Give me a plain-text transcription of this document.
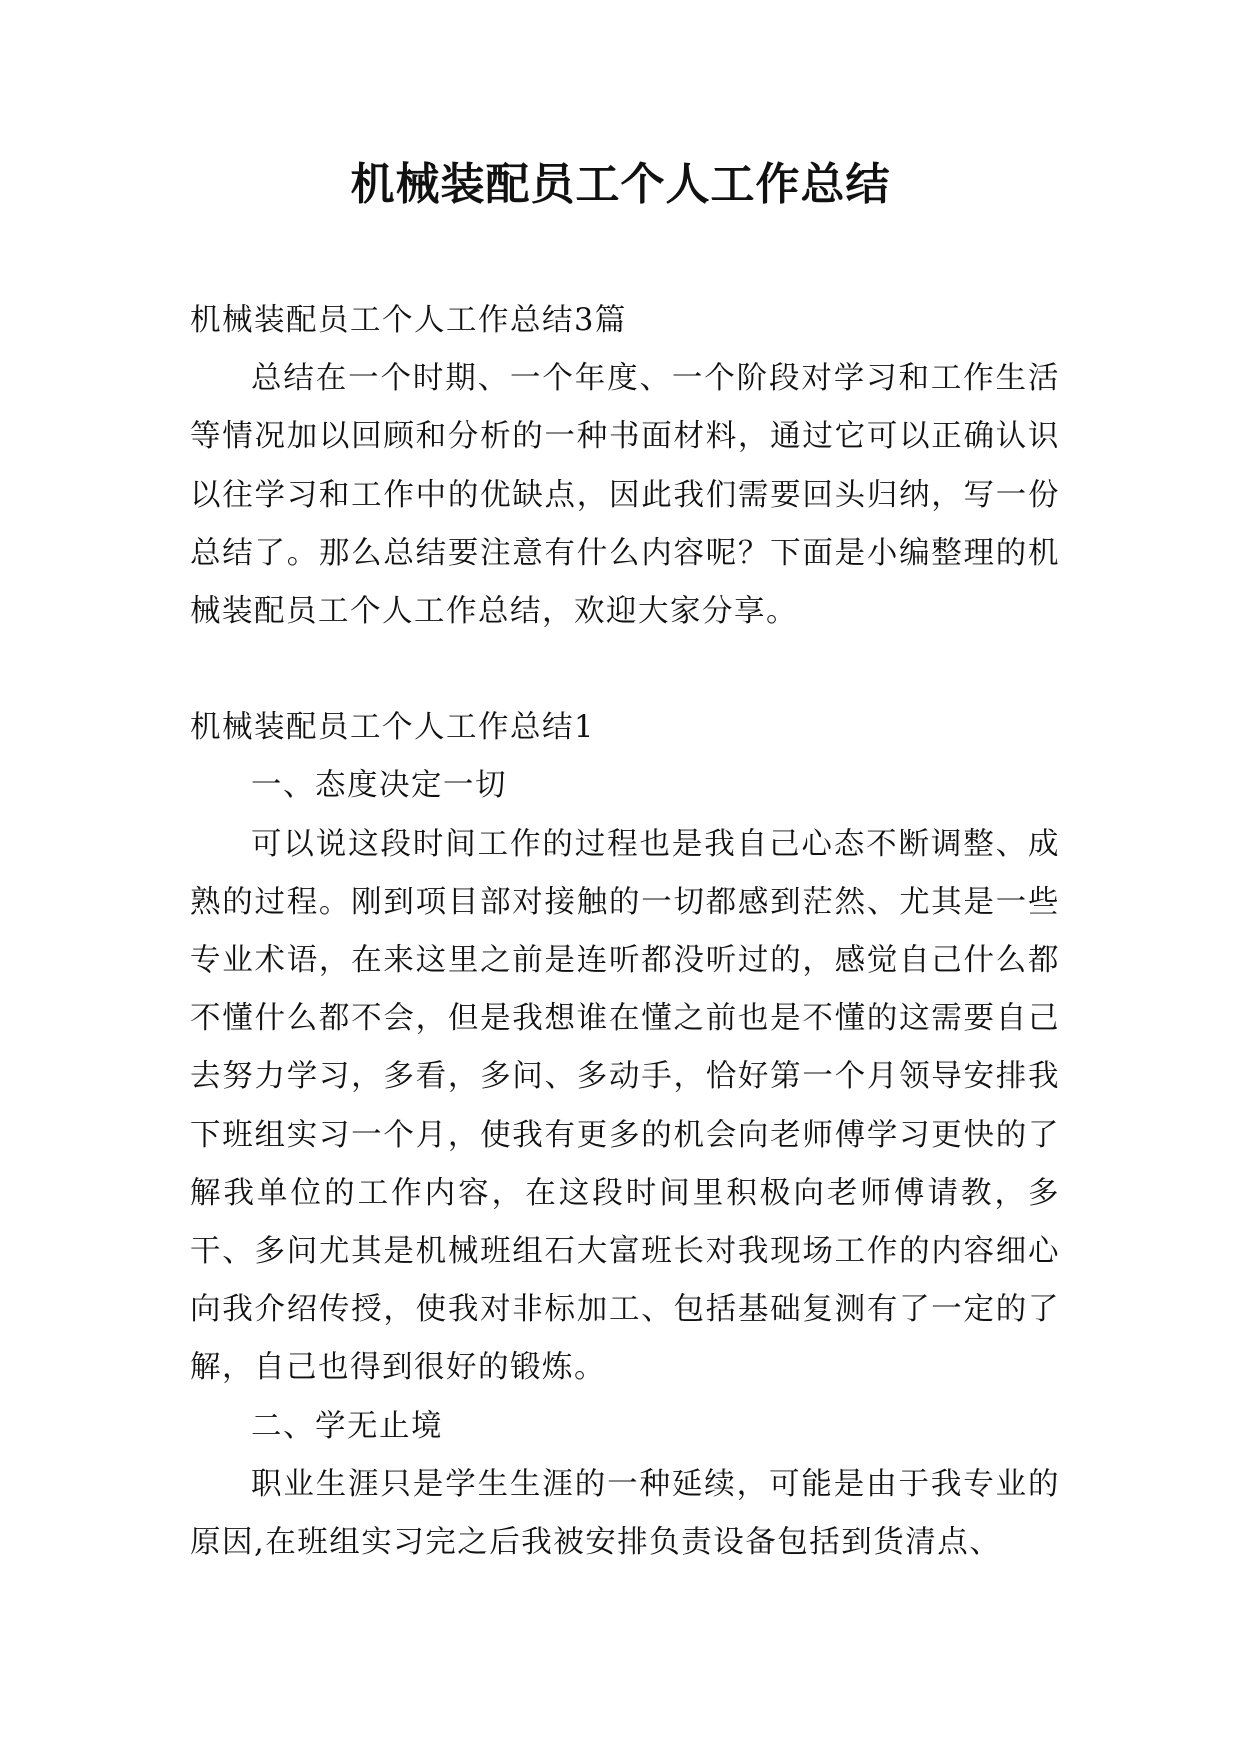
机械装配员工个人工作总结

机械装配员工个人工作总结3篇

总结在一个时期、一个年度、一个阶段对学习和工作生活等情况加以回顾和分析的一种书面材料，通过它可以正确认识以往学习和工作中的优缺点，因此我们需要回头归纳，写一份总结了。那么总结要注意有什么内容呢？下面是小编整理的机械装配员工个人工作总结，欢迎大家分享。

机械装配员工个人工作总结1

一、态度决定一切

可以说这段时间工作的过程也是我自己心态不断调整、成熟的过程。刚到项目部对接触的一切都感到茫然、尤其是一些专业术语，在来这里之前是连听都没听过的，感觉自己什么都不懂什么都不会，但是我想谁在懂之前也是不懂的这需要自己去努力学习，多看，多问、多动手，恰好第一个月领导安排我下班组实习一个月，使我有更多的机会向老师傅学习更快的了解我单位的工作内容，在这段时间里积极向老师傅请教，多干、多问尤其是机械班组石大富班长对我现场工作的内容细心向我介绍传授，使我对非标加工、包括基础复测有了一定的了解，自己也得到很好的锻炼。

二、学无止境

职业生涯只是学生生涯的一种延续，可能是由于我专业的原因,在班组实习完之后我被安排负责设备包括到货清点、
